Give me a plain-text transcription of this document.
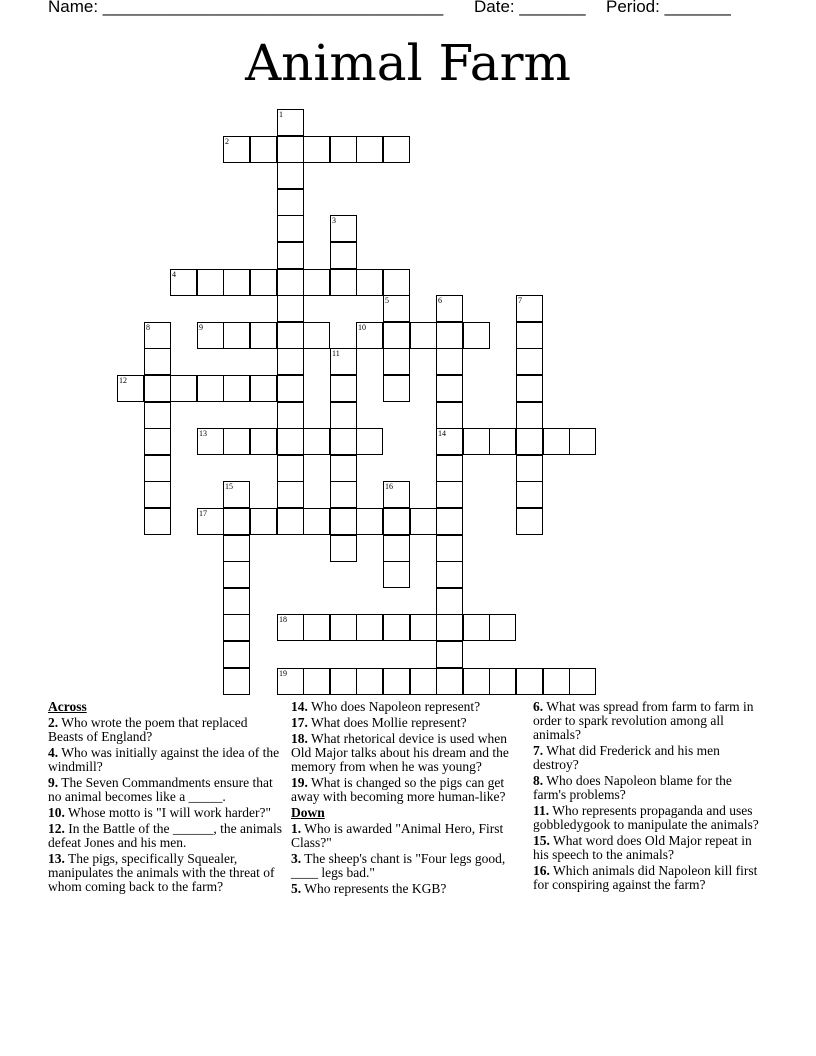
Name: ____________________________________ Date: _______ Period: _______
Animal Farm
1
2
3
4
5	6
14
7
8	9	10
11
12
13
15	16
17
18
19
Across
2. Who wrote the poem that replaced Beasts of England?
4. Who was initially against the idea of the windmill?
9. The Seven Commandments ensure that no animal becomes like a _____.
10. Whose motto is "I will work harder?"
12. In the Battle of the ______, the animals defeat Jones and his men.
13. The pigs, specifically Squealer, manipulates the animals with the threat of whom coming back to the farm?
14. Who does Napoleon represent?
17. What does Mollie represent?
18. What rhetorical device is used when Old Major talks about his dream and the memory from when he was young?
19. What is changed so the pigs can get away with becoming more human-like?
Down
1. Who is awarded "Animal Hero, First Class?"
3. The sheep's chant is "Four legs good, ____ legs bad."
5. Who represents the KGB?
6. What was spread from farm to farm in order to spark revolution among all animals?
7. What did Frederick and his men destroy?
8. Who does Napoleon blame for the farm's problems?
11. Who represents propaganda and uses gobbledygook to manipulate the animals?
15. What word does Old Major repeat in his speech to the animals?
16. Which animals did Napoleon kill first for conspiring against the farm?
